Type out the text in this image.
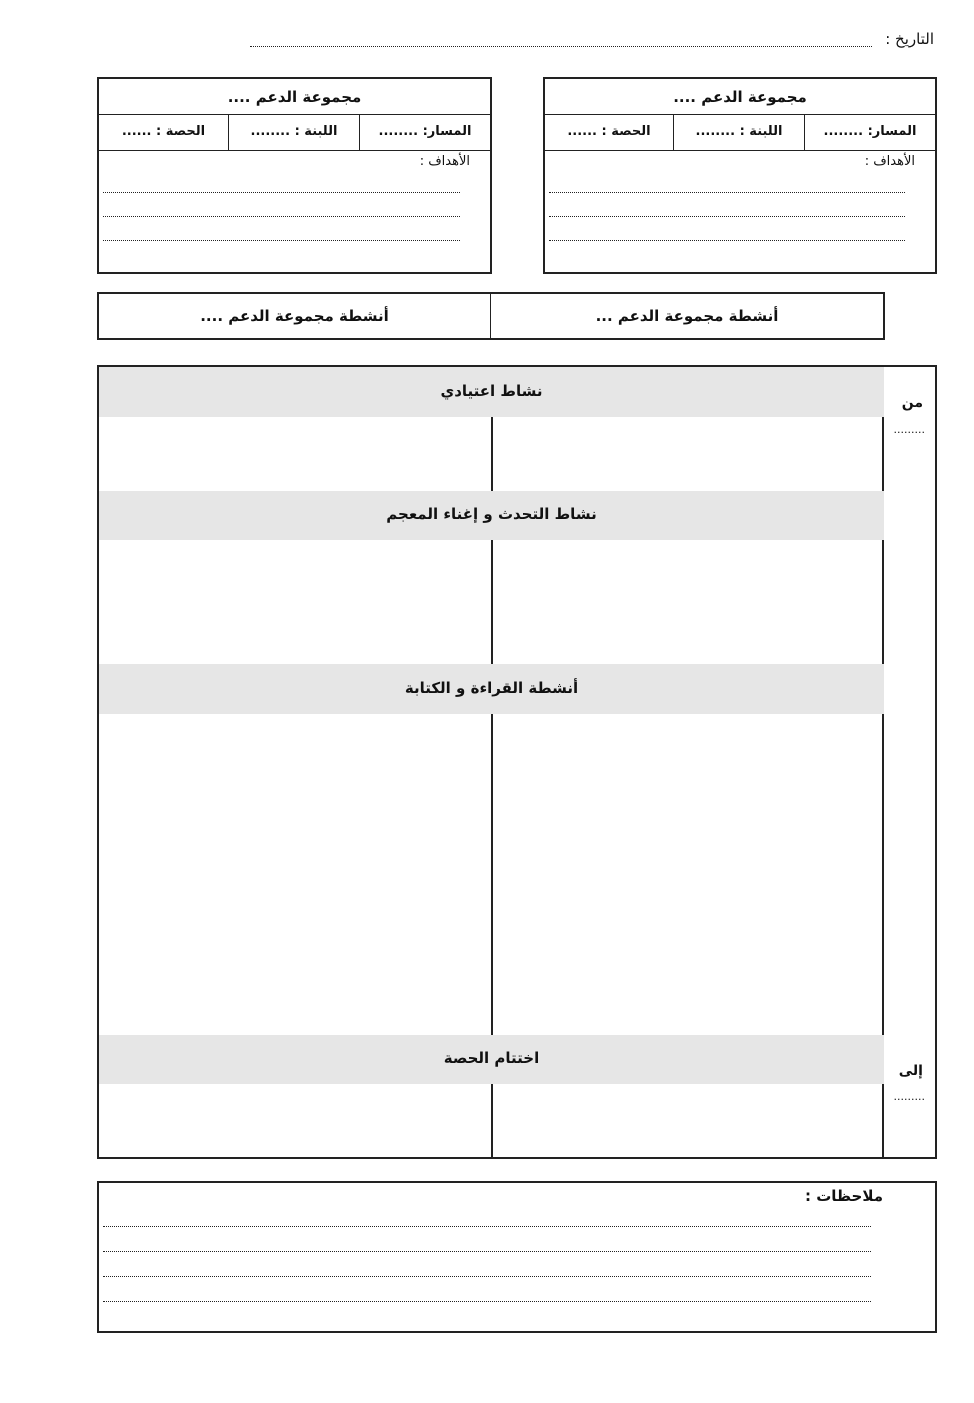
التاريخ :
مجموعة الدعم ....
المسار: ........
اللبنة : ........
الحصة : ......
الأهداف :
مجموعة الدعم ....
المسار: ........
اللبنة : ........
الحصة : ......
الأهداف :
أنشطة مجموعة الدعم ...
أنشطة مجموعة الدعم ....
من
.........
إلى
.........
نشاط اعتيادي
نشاط التحدث و إغناء المعجم
أنشطة القراءة و الكتابة
اختتام الحصة
ملاحظات :
